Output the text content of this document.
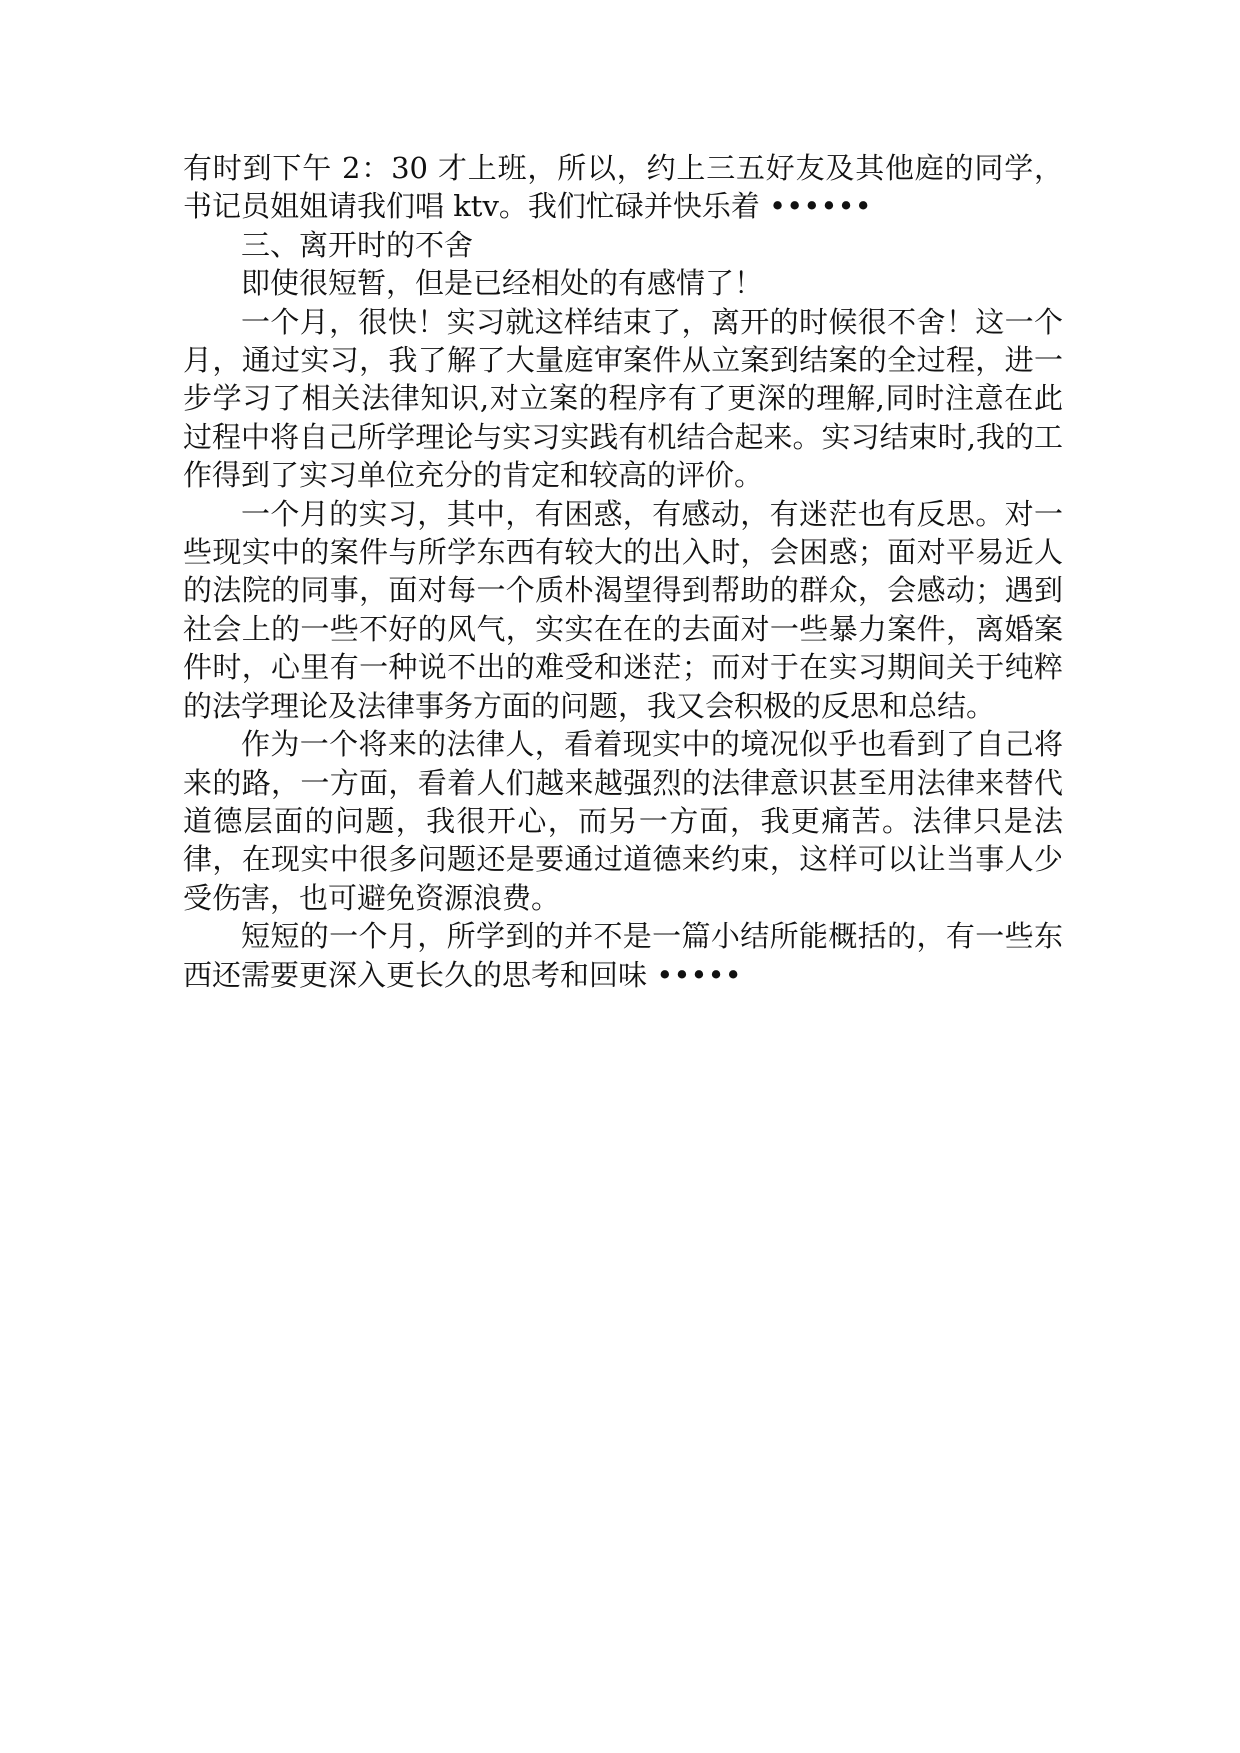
有时到下午 2：30 才上班，所以，约上三五好友及其他庭的同学，书记员姐姐请我们唱 ktv。我们忙碌并快乐着 ••••••

三、离开时的不舍

即使很短暂，但是已经相处的有感情了！

一个月，很快！实习就这样结束了，离开的时候很不舍！这一个月，通过实习，我了解了大量庭审案件从立案到结案的全过程，进一步学习了相关法律知识,对立案的程序有了更深的理解,同时注意在此过程中将自己所学理论与实习实践有机结合起来。实习结束时,我的工作得到了实习单位充分的肯定和较高的评价。

一个月的实习，其中，有困惑，有感动，有迷茫也有反思。对一些现实中的案件与所学东西有较大的出入时，会困惑；面对平易近人的法院的同事，面对每一个质朴渴望得到帮助的群众，会感动；遇到社会上的一些不好的风气，实实在在的去面对一些暴力案件，离婚案件时，心里有一种说不出的难受和迷茫；而对于在实习期间关于纯粹的法学理论及法律事务方面的问题，我又会积极的反思和总结。

作为一个将来的法律人，看着现实中的境况似乎也看到了自己将来的路，一方面，看着人们越来越强烈的法律意识甚至用法律来替代道德层面的问题，我很开心，而另一方面，我更痛苦。法律只是法律，在现实中很多问题还是要通过道德来约束，这样可以让当事人少受伤害，也可避免资源浪费。

短短的一个月，所学到的并不是一篇小结所能概括的，有一些东西还需要更深入更长久的思考和回味 •••••
